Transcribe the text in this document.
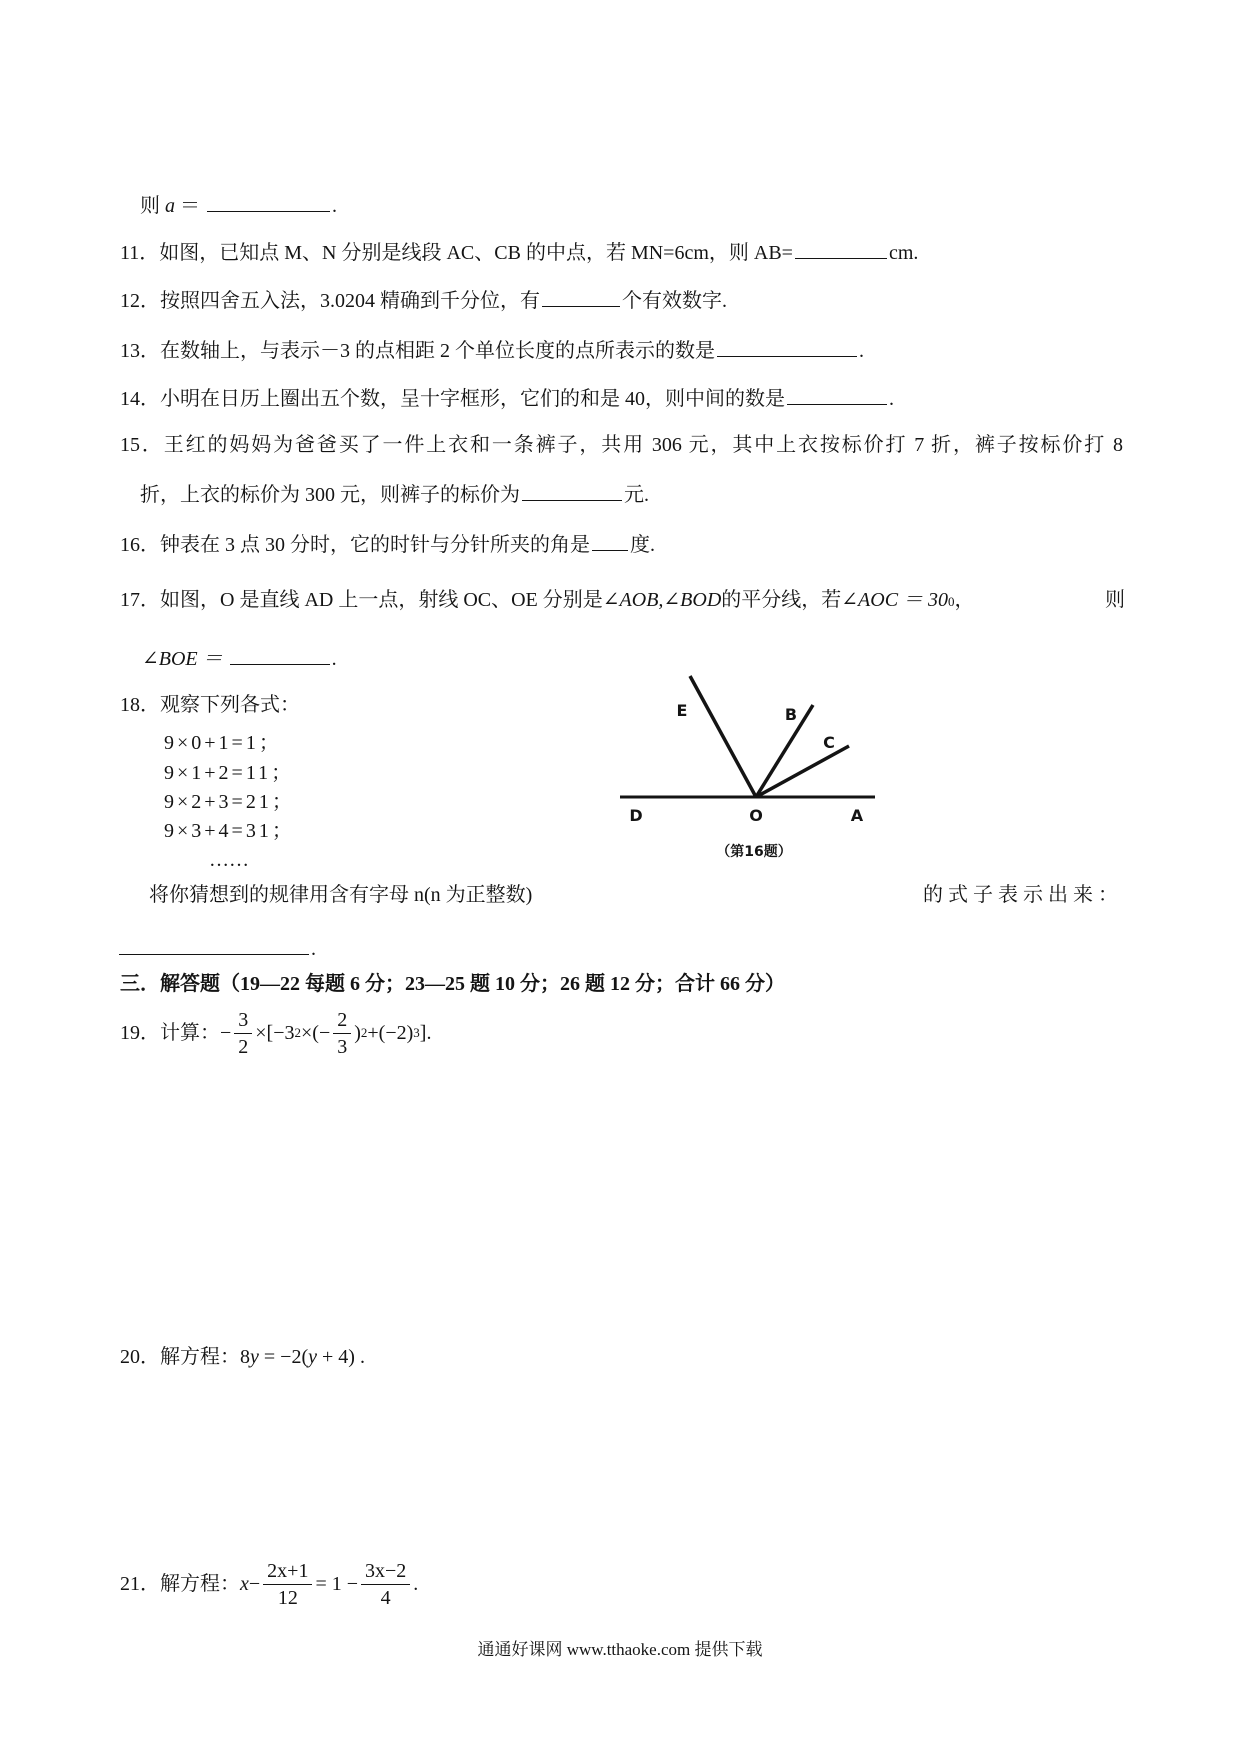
则 a ＝	.
11．如图，已知点 M、N 分别是线段 AC、CB 的中点，若 MN=6cm，则 AB=	cm.
12．按照四舍五入法，3.0204 精确到千分位，有	个有效数字.
13．在数轴上，与表示－3 的点相距 2 个单位长度的点所表示的数是	.
14．小明在日历上圈出五个数，呈十字框形，它们的和是 40，则中间的数是	.
15．王红的妈妈为爸爸买了一件上衣和一条裤子，共用 306 元，其中上衣按标价打 7 折，裤子按标价打 8
折，上衣的标价为 300 元，则裤子的标价为	元.
16．钟表在 3 点 30 分时，它的时针与分针所夹的角是 度.
17． 如图，O 是直线 AD 上一点，射线 OC、OE 分别是 ∠AOB,∠BOD 的平分线，若 ∠AOC ＝ 30 0 ，	则
∠BOE ＝	.
18．观察下列各式：
9×0+1=1；
9×1+2=11；
9×2+3=21；
9×3+4=31；
……
将你猜想到的规律用含有字母 n(n 为正整数)	的式子表示出来：
.
三．解答题（19—22 每题 6 分；23—25 题 10 分；26 题 12 分；合计 66 分）
19． 计算： − $\frac{3}{2} \times[-3$ 2 ×(− $\frac{2}{3}$ ) 2 +(−2) 3 ] .
20．解方程：8y = −2(y + 4) .
21． 解方程： $x - \frac{2x+1}{12} = 1 - \frac{3x-2}{4}$ .
E	B
C
D	O	A
（第16题）
通通好课网 www.tthaoke.com 提供下载
